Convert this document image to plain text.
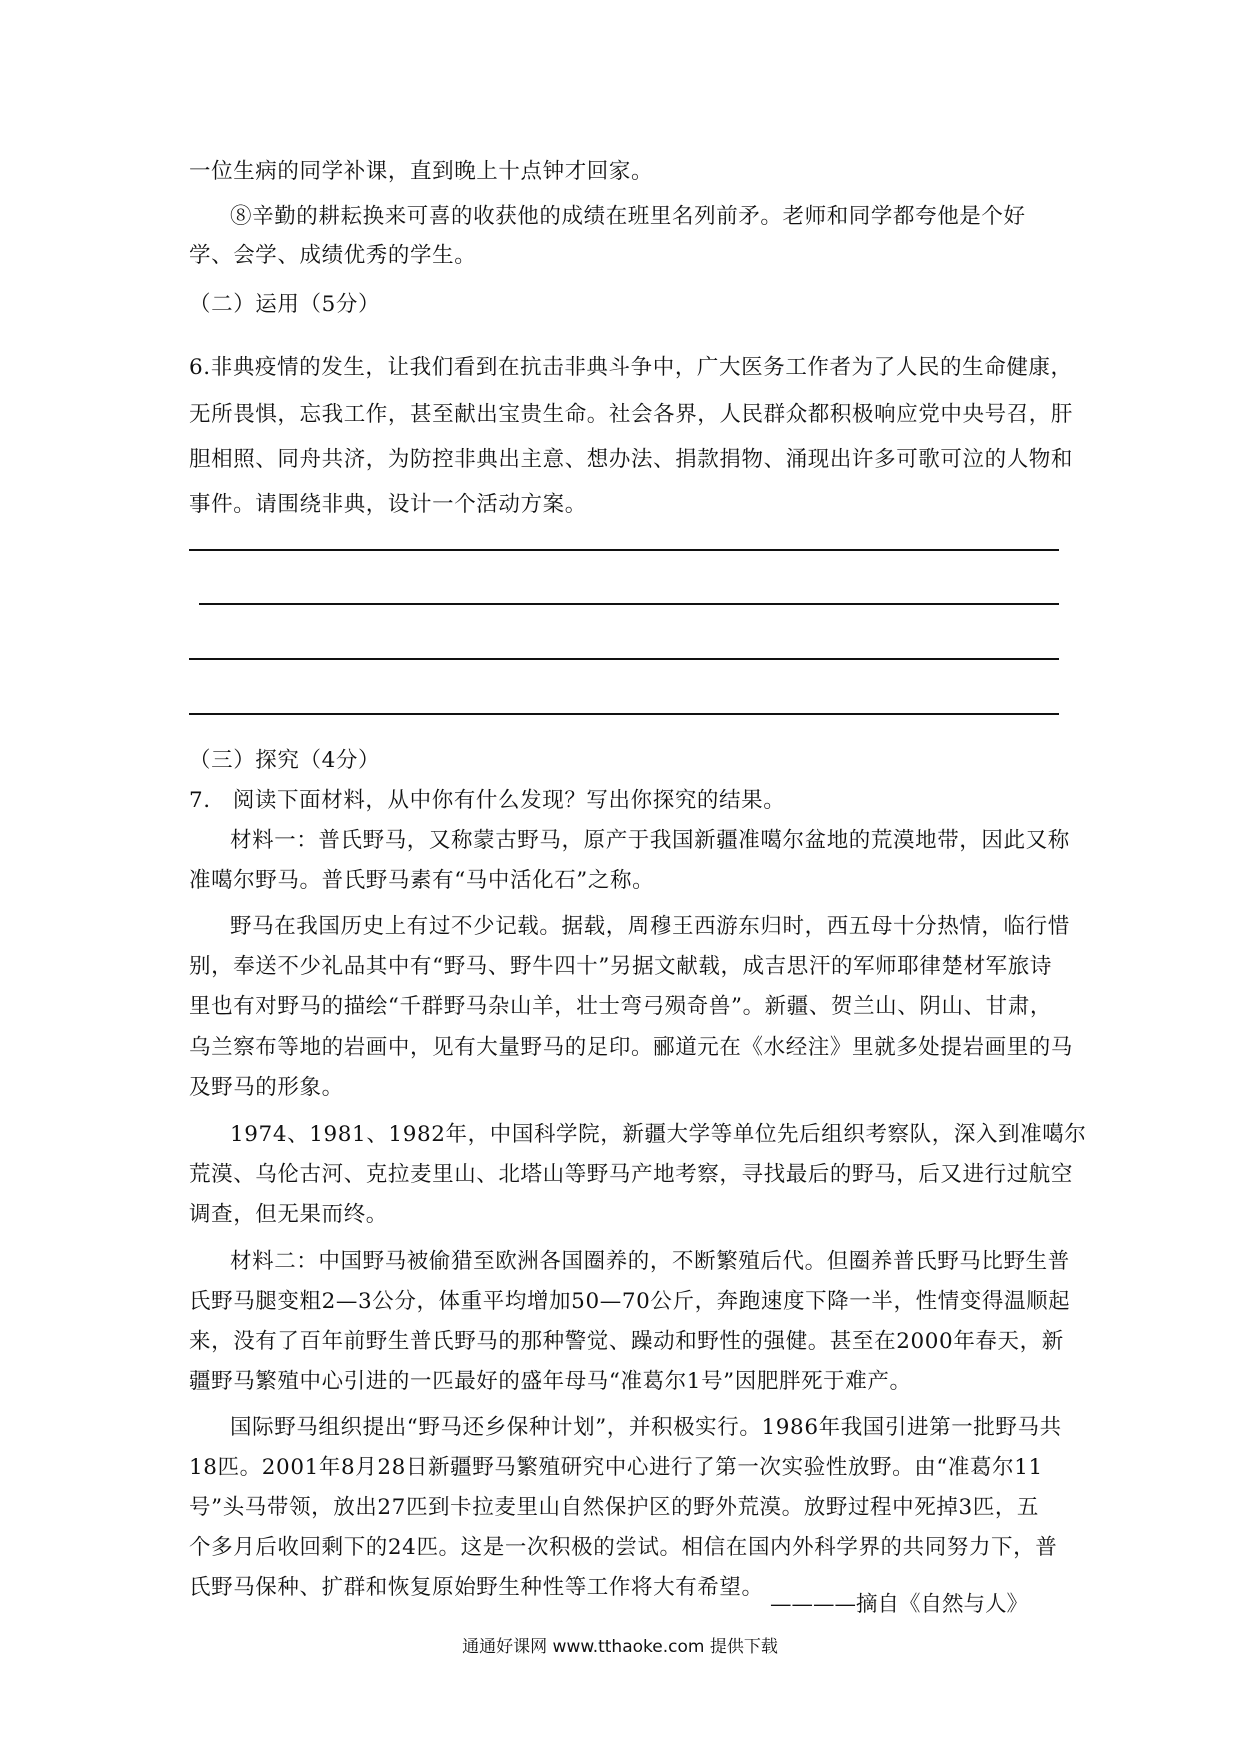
一位生病的同学补课，直到晚上十点钟才回家。
⑧辛勤的耕耘换来可喜的收获他的成绩在班里名列前矛。老师和同学都夸他是个好
学、会学、成绩优秀的学生。
（二）运用（5分）
6.非典疫情的发生，让我们看到在抗击非典斗争中，广大医务工作者为了人民的生命健康，
无所畏惧，忘我工作，甚至献出宝贵生命。社会各界，人民群众都积极响应党中央号召，肝
胆相照、同舟共济，为防控非典出主意、想办法、捐款捐物、涌现出许多可歌可泣的人物和
事件。请围绕非典，设计一个活动方案。
（三）探究（4分）
7.　阅读下面材料，从中你有什么发现？写出你探究的结果。
材料一：普氏野马，又称蒙古野马，原产于我国新疆准噶尔盆地的荒漠地带，因此又称
准噶尔野马。普氏野马素有“马中活化石”之称。
野马在我国历史上有过不少记载。据载，周穆王西游东归时，西五母十分热情，临行惜
别，奉送不少礼品其中有“野马、野牛四十”另据文献载，成吉思汗的军师耶律楚材军旅诗
里也有对野马的描绘“千群野马杂山羊，壮士弯弓殒奇兽”。新疆、贺兰山、阴山、甘肃，
乌兰察布等地的岩画中，见有大量野马的足印。郦道元在《水经注》里就多处提岩画里的马
及野马的形象。
1974、1981、1982年，中国科学院，新疆大学等单位先后组织考察队，深入到准噶尔
荒漠、乌伦古河、克拉麦里山、北塔山等野马产地考察，寻找最后的野马，后又进行过航空
调查，但无果而终。
材料二：中国野马被偷猎至欧洲各国圈养的，不断繁殖后代。但圈养普氏野马比野生普
氏野马腿变粗2—3公分，体重平均增加50—70公斤，奔跑速度下降一半，性情变得温顺起
来，没有了百年前野生普氏野马的那种警觉、躁动和野性的强健。甚至在2000年春天，新
疆野马繁殖中心引进的一匹最好的盛年母马“准葛尔1号”因肥胖死于难产。
国际野马组织提出“野马还乡保种计划”，并积极实行。1986年我国引进第一批野马共
18匹。2001年8月28日新疆野马繁殖研究中心进行了第一次实验性放野。由“准葛尔11
号”头马带领，放出27匹到卡拉麦里山自然保护区的野外荒漠。放野过程中死掉3匹，五
个多月后收回剩下的24匹。这是一次积极的尝试。相信在国内外科学界的共同努力下，普
氏野马保种、扩群和恢复原始野生种性等工作将大有希望。
————摘自《自然与人》
通通好课网 www.tthaoke.com 提供下载
